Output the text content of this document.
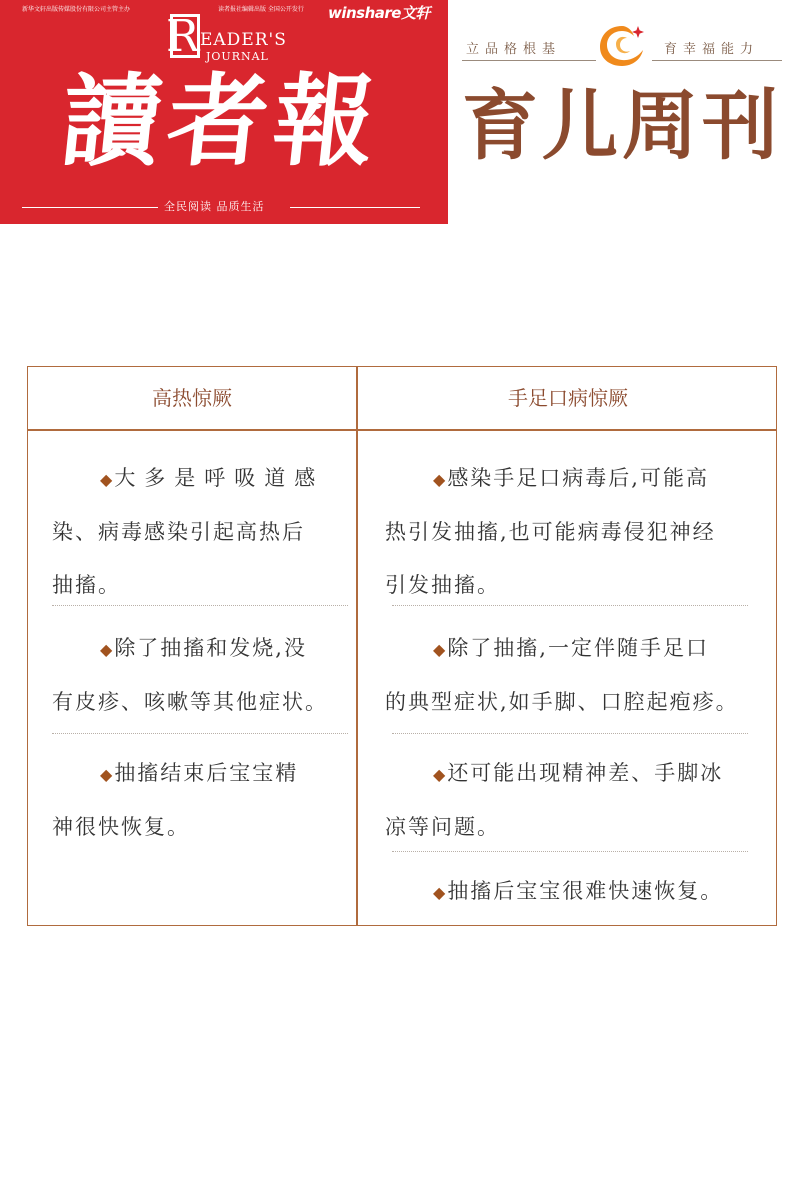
新华文轩出版传媒股份有限公司主管主办	读者报社编辑出版 全国公开发行 winshare文轩
R EADER'S
JOURNAL
讀者報
全民阅读 品质生活
立品格根基	育幸福能力
育儿周刊
高热惊厥	手足口病惊厥
◆大多是呼吸道感
染、病毒感染引起高热后
抽搐。
◆除了抽搐和发烧,没
有皮疹、咳嗽等其他症状。
◆抽搐结束后宝宝精
神很快恢复。
◆感染手足口病毒后,可能高
热引发抽搐,也可能病毒侵犯神经
引发抽搐。
◆除了抽搐,一定伴随手足口
的典型症状,如手脚、口腔起疱疹。
◆还可能出现精神差、手脚冰
凉等问题。
◆抽搐后宝宝很难快速恢复。
